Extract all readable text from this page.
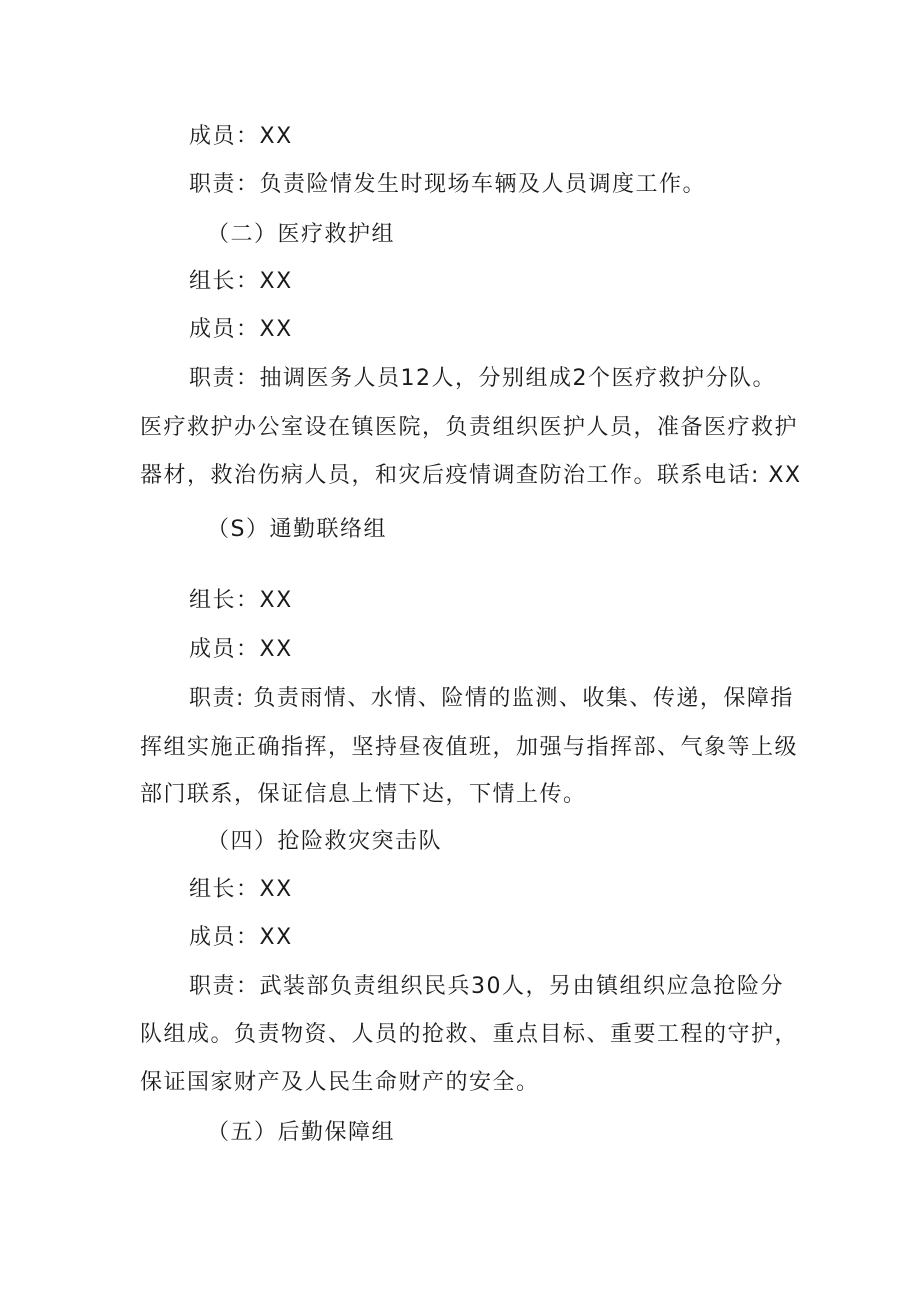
成员：XX
职责：负责险情发生时现场车辆及人员调度工作。
（二）医疗救护组
组长：XX
成员：XX
职责：抽调医务人员12人，分别组成2个医疗救护分队。
医疗救护办公室设在镇医院，负责组织医护人员，准备医疗救护
器材，救治伤病人员，和灾后疫情调查防治工作。联系电话: XX
（S）通勤联络组
组长：XX
成员：XX
职责: 负责雨情、水情、险情的监测、收集、传递，保障指
挥组实施正确指挥，坚持昼夜值班，加强与指挥部、气象等上级
部门联系，保证信息上情下达，下情上传。
（四）抢险救灾突击队
组长：XX
成员：XX
职责：武装部负责组织民兵30人，另由镇组织应急抢险分
队组成。负责物资、人员的抢救、重点目标、重要工程的守护，
保证国家财产及人民生命财产的安全。
（五）后勤保障组
